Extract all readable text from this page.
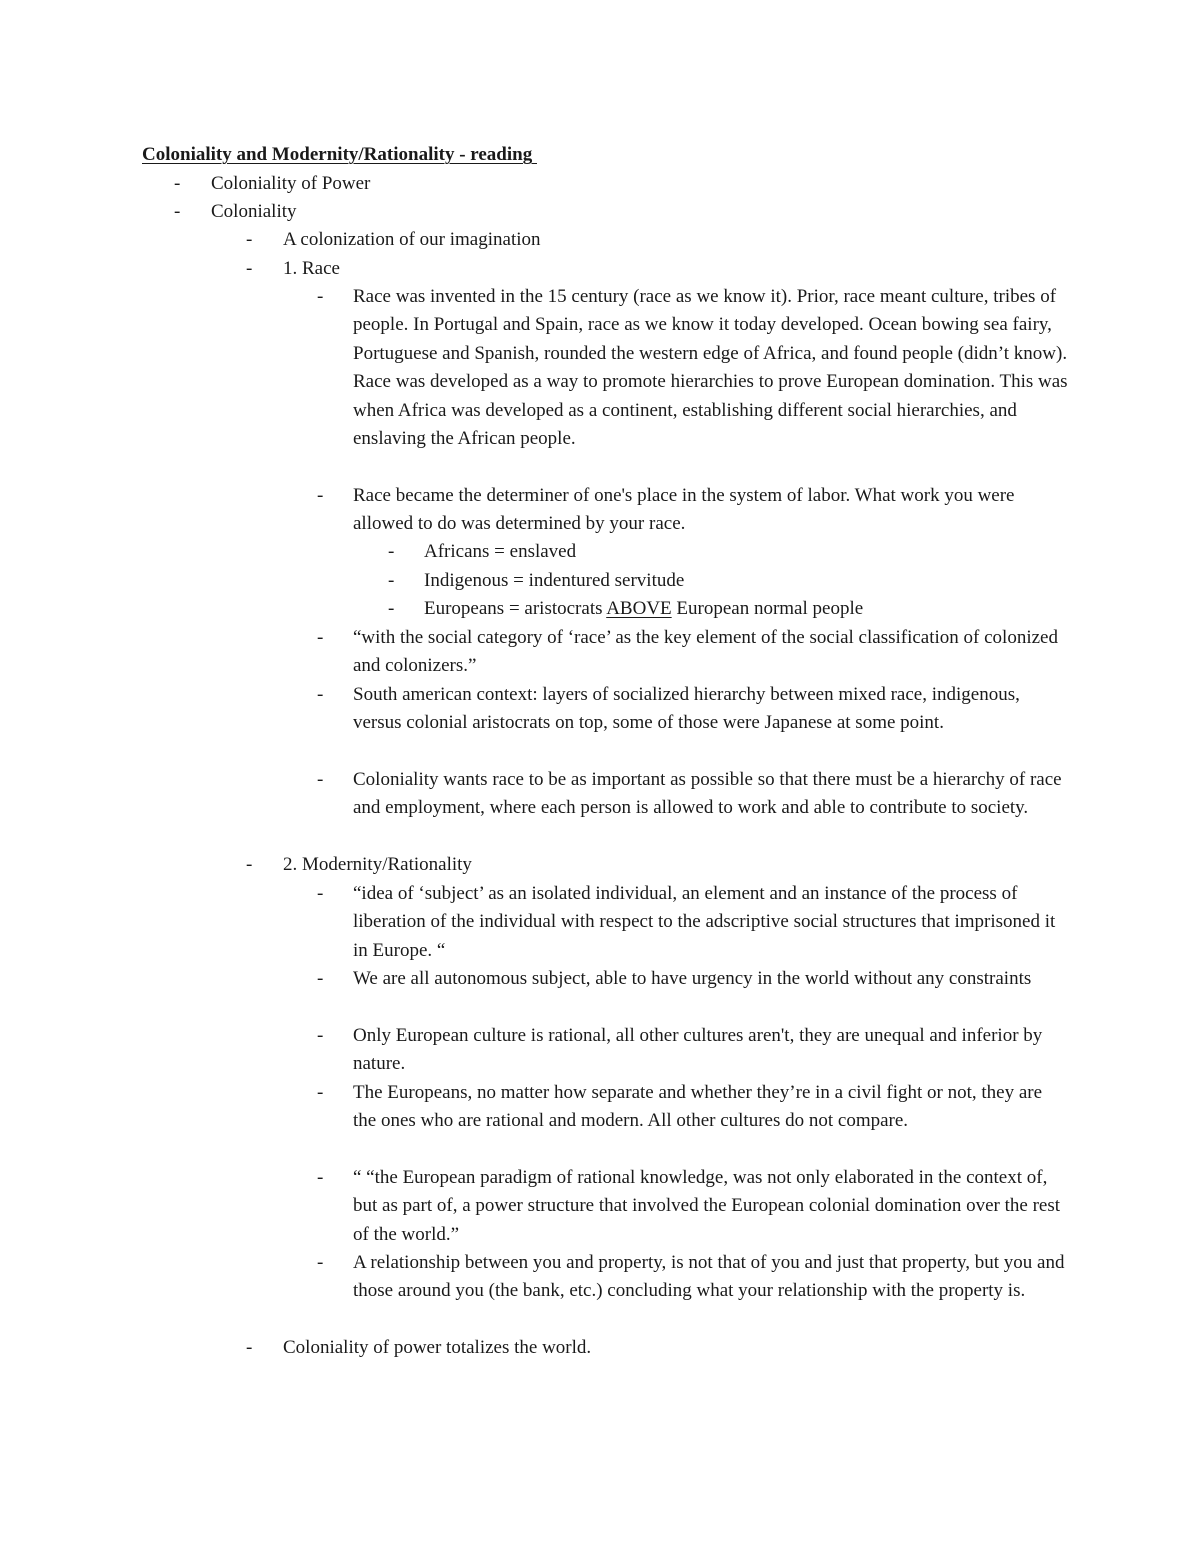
Coloniality and Modernity/Rationality - reading
- Coloniality of Power
- Coloniality
- A colonization of our imagination
- 1. Race
- Race was invented in the 15 century (race as we know it). Prior, race meant culture, tribes of people. In Portugal and Spain, race as we know it today developed. Ocean bowing sea fairy, Portuguese and Spanish, rounded the western edge of Africa, and found people (didn’t know). Race was developed as a way to promote hierarchies to prove European domination. This was when Africa was developed as a continent, establishing different social hierarchies, and enslaving the African people.
- Race became the determiner of one's place in the system of labor. What work you were allowed to do was determined by your race.
- Africans = enslaved
- Indigenous = indentured servitude
- Europeans = aristocrats ABOVE European normal people
- “with the social category of ‘race’ as the key element of the social classification of colonized and colonizers.”
- South american context: layers of socialized hierarchy between mixed race, indigenous, versus colonial aristocrats on top, some of those were Japanese at some point.
- Coloniality wants race to be as important as possible so that there must be a hierarchy of race and employment, where each person is allowed to work and able to contribute to society.
- 2. Modernity/Rationality
- “idea of ‘subject’ as an isolated individual, an element and an instance of the process of liberation of the individual with respect to the adscriptive social structures that imprisoned it in Europe. “
- We are all autonomous subject, able to have urgency in the world without any constraints
- Only European culture is rational, all other cultures aren't, they are unequal and inferior by nature.
- The Europeans, no matter how separate and whether they’re in a civil fight or not, they are the ones who are rational and modern. All other cultures do not compare.
- “ “the European paradigm of rational knowledge, was not only elaborated in the context of, but as part of, a power structure that involved the European colonial domination over the rest of the world.”
- A relationship between you and property, is not that of you and just that property, but you and those around you (the bank, etc.) concluding what your relationship with the property is.
- Coloniality of power totalizes the world.
